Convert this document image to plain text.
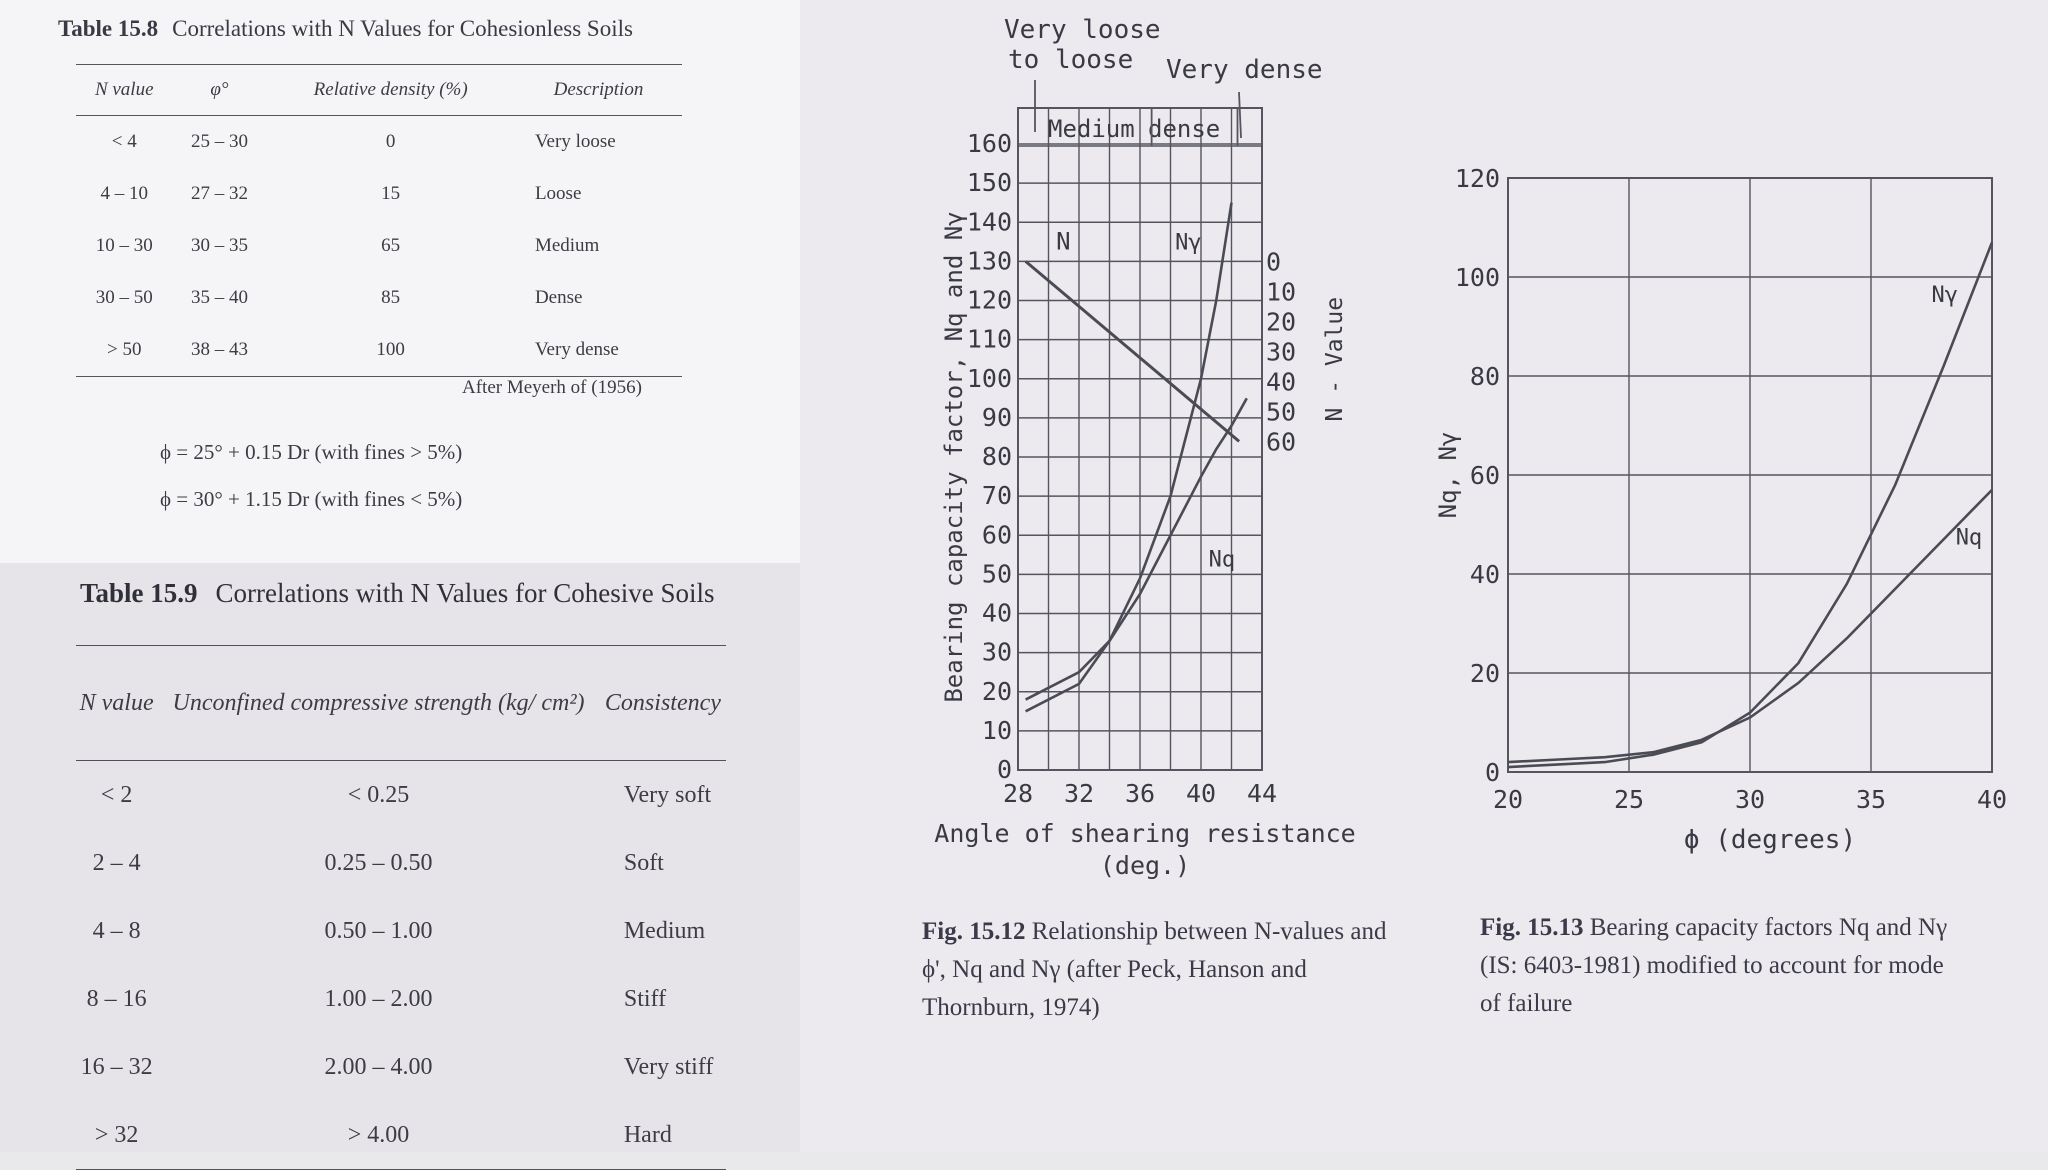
Table 15.8 Correlations with N Values for Cohesionless Soils
N value	φ°	Relative density (%)	Description
< 4	25 – 30	0	Very loose
4 – 10	27 – 32	15	Loose
10 – 30	30 – 35	65	Medium
30 – 50	35 – 40	85	Dense
> 50	38 – 43	100	Very dense
After Meyerh of (1956)
ϕ = 25° + 0.15 Dr (with fines > 5%)
ϕ = 30° + 1.15 Dr (with fines < 5%)
Table 15.9 Correlations with N Values for Cohesive Soils
N value	Unconfined compressive strength (kg/ cm²)	Consistency
< 2	< 0.25	Very soft
2 – 4	0.25 – 0.50	Soft
4 – 8	0.50 – 1.00	Medium
8 – 16	1.00 – 2.00	Stiff
16 – 32	2.00 – 4.00	Very stiff
> 32	> 4.00	Hard
0
10
20
30
40
50
60
70
80
90
100
110
120
130
140
150
160
28 32 36 40 44
0
10
20
30
40
50
60
N - Value
Bearing capacity factor, Nq and Nγ
Angle of shearing resistance
(deg.)
Very loose
to loose
Medium dense
Very dense
N	Nγ
Nq
0
20
40
60
80
100
120
20	25	30	35	40
Nq, Nγ
ϕ (degrees)
Nγ
Nq
Fig. 15.12 Relationship between N-values and ϕ', Nq and Nγ (after Peck, Hanson and Thornburn, 1974)
Fig. 15.13 Bearing capacity factors Nq and Nγ (IS: 6403-1981) modified to account for mode of failure
